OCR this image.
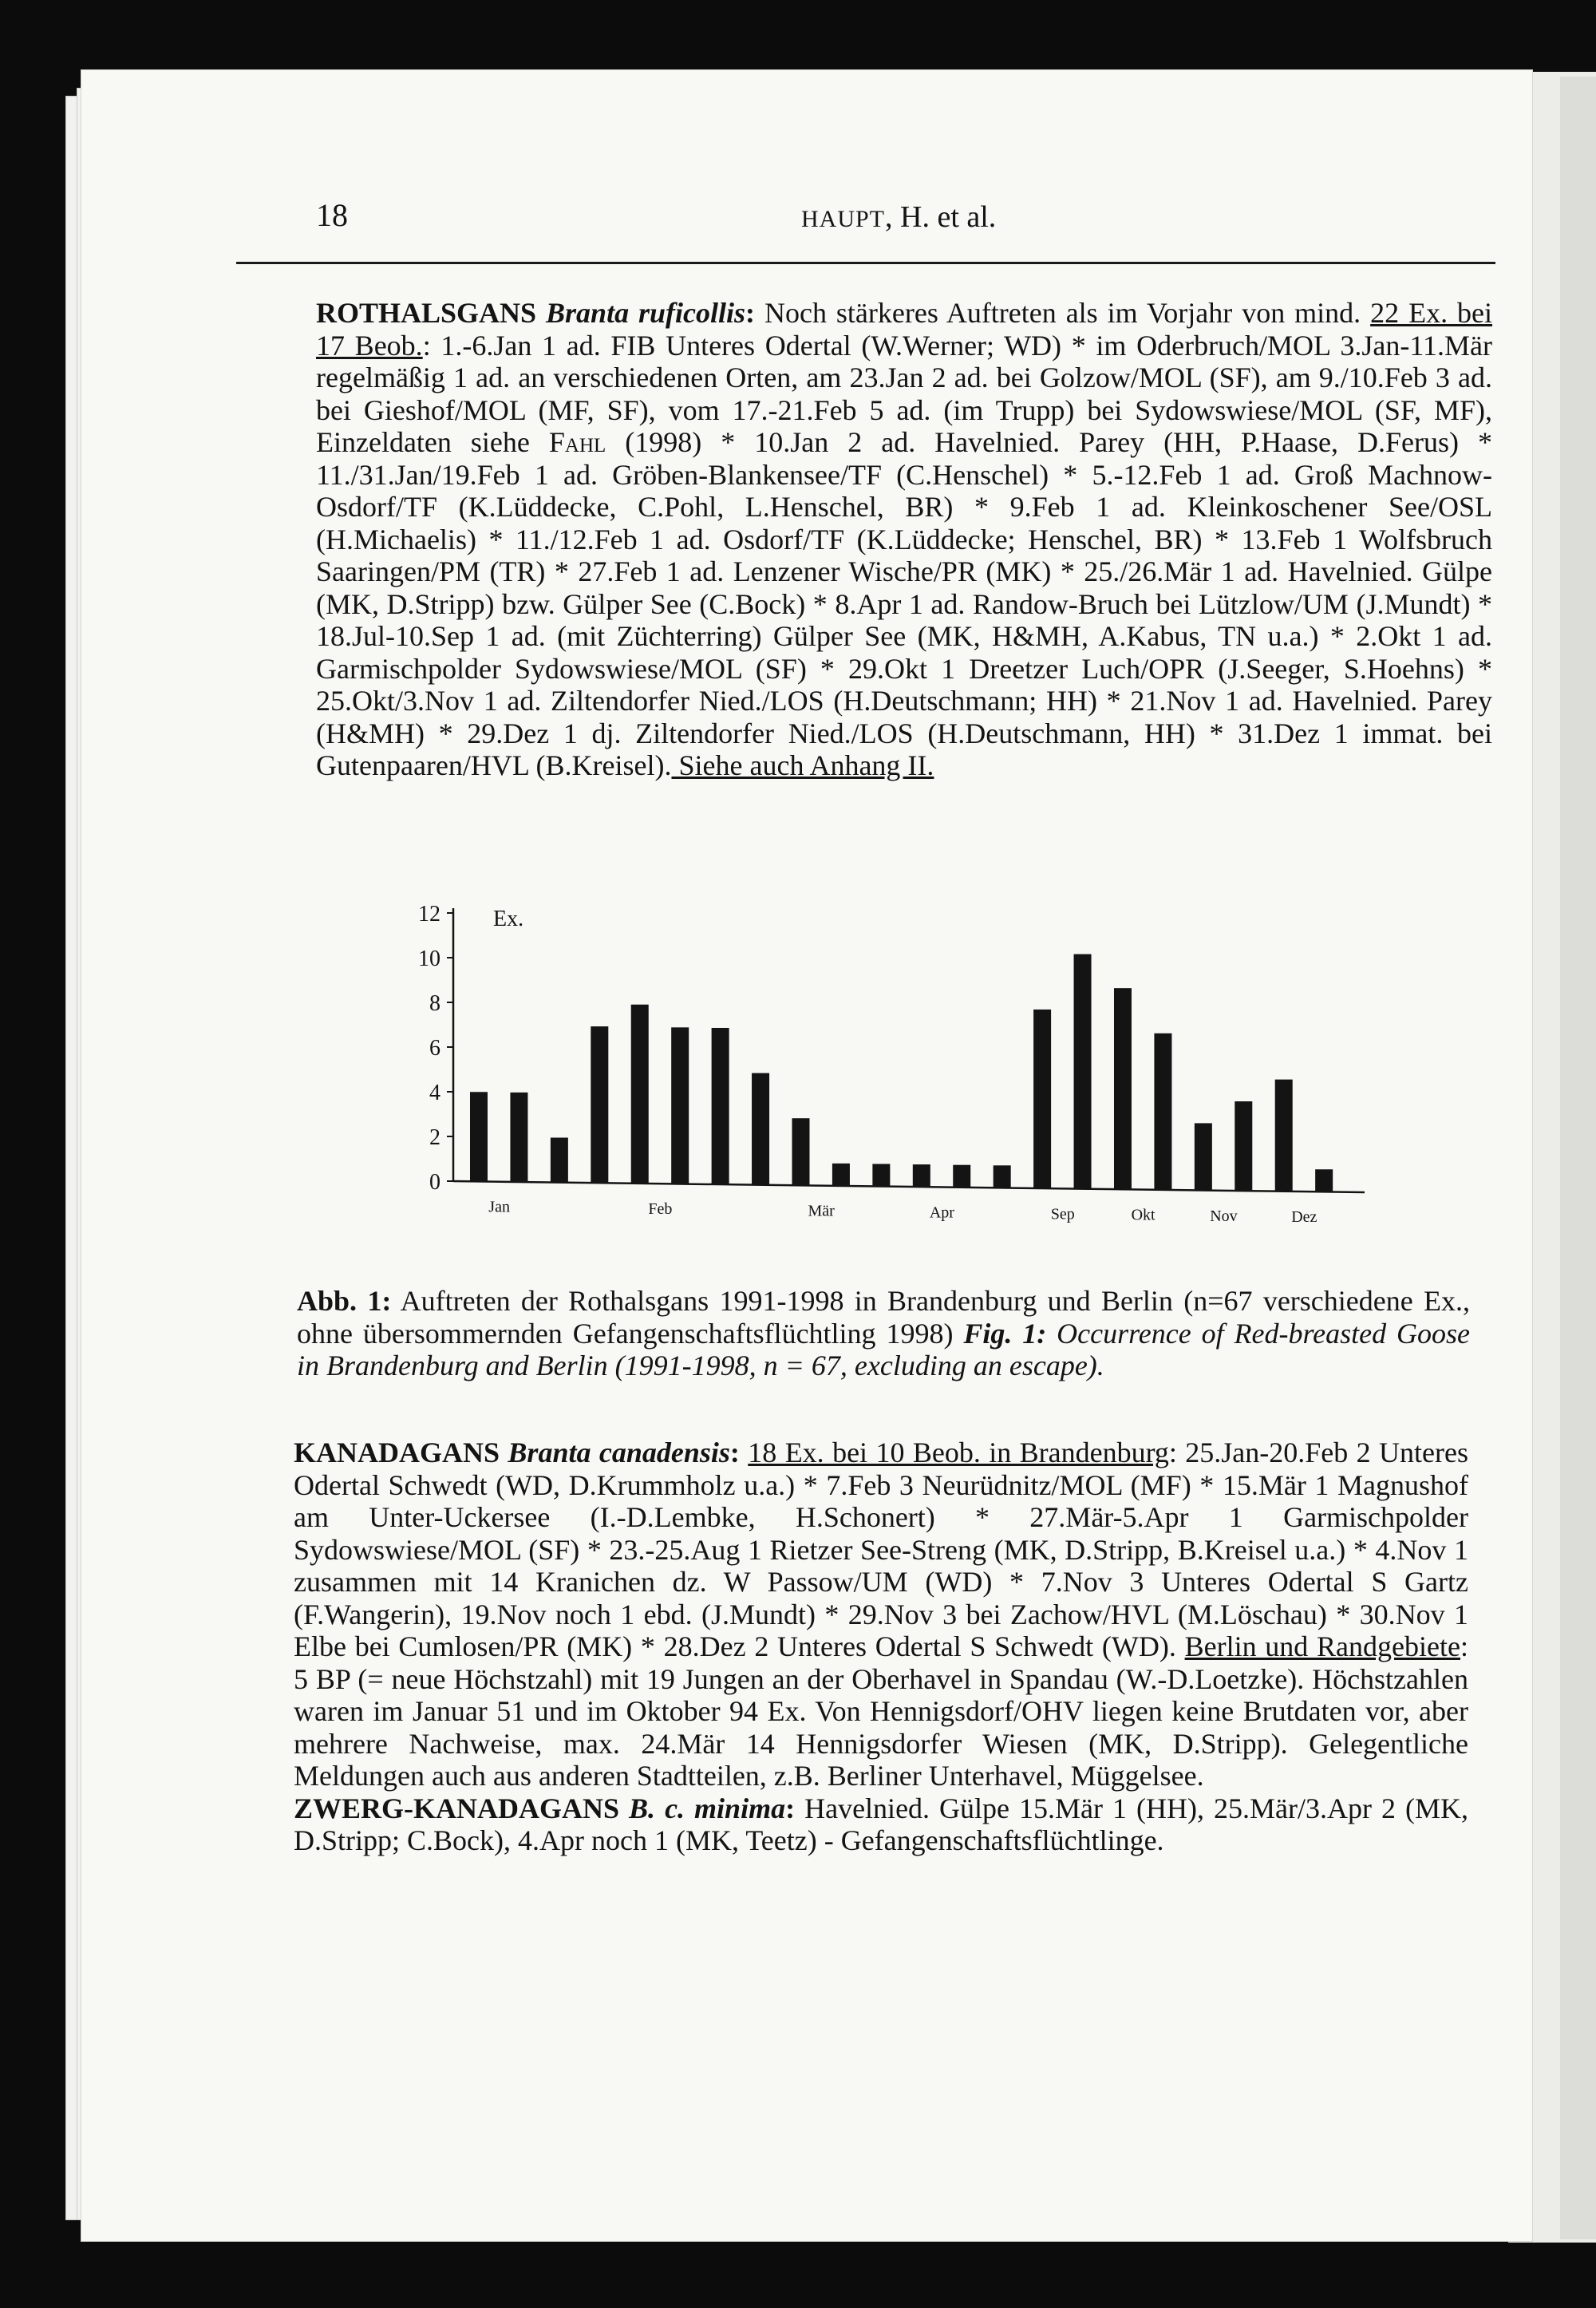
18	HAUPT, H. et al.

ROTHALSGANS Branta ruficollis: Noch stärkeres Auftreten als im Vorjahr von mind. 22 Ex. bei 17 Beob.: 1.-6.Jan 1 ad. FIB Unteres Odertal (W.Werner; WD) * im Oderbruch/MOL 3.Jan-11.Mär regelmäßig 1 ad. an verschiedenen Orten, am 23.Jan 2 ad. bei Golzow/MOL (SF), am 9./10.Feb 3 ad. bei Gieshof/MOL (MF, SF), vom 17.-21.Feb 5 ad. (im Trupp) bei Sydowswiese/MOL (SF, MF), Einzeldaten siehe Fahl (1998) * 10.Jan 2 ad. Havelnied. Parey (HH, P.Haase, D.Ferus) * 11./31.Jan/19.Feb 1 ad. Gröben-Blankensee/TF (C.Henschel) * 5.-12.Feb 1 ad. Groß Machnow-Osdorf/TF (K.Lüddecke, C.Pohl, L.Henschel, BR) * 9.Feb 1 ad. Kleinkoschener See/OSL (H.Michaelis) * 11./12.Feb 1 ad. Osdorf/TF (K.Lüddecke; Henschel, BR) * 13.Feb 1 Wolfsbruch Saaringen/PM (TR) * 27.Feb 1 ad. Lenzener Wische/PR (MK) * 25./26.Mär 1 ad. Havelnied. Gülpe (MK, D.Stripp) bzw. Gülper See (C.Bock) * 8.Apr 1 ad. Randow-Bruch bei Lützlow/UM (J.Mundt) * 18.Jul-10.Sep 1 ad. (mit Züchterring) Gülper See (MK, H&MH, A.Kabus, TN u.a.) * 2.Okt 1 ad. Garmischpolder Sydowswiese/MOL (SF) * 29.Okt 1 Dreetzer Luch/OPR (J.Seeger, S.Hoehns) * 25.Okt/3.Nov 1 ad. Ziltendorfer Nied./LOS (H.Deutschmann; HH) * 21.Nov 1 ad. Havelnied. Parey (H&MH) * 29.Dez 1 dj. Ziltendorfer Nied./LOS (H.Deutschmann, HH) * 31.Dez 1 immat. bei Gutenpaaren/HVL (B.Kreisel). Siehe auch Anhang II.

0
2
4
6
8
10
12 Ex.
Jan	Feb	Mär	Apr	Sep	Okt	Nov	Dez

Abb. 1: Auftreten der Rothalsgans 1991-1998 in Brandenburg und Berlin (n=67 verschiedene Ex., ohne übersommernden Gefangenschaftsflüchtling 1998) Fig. 1: Occurrence of Red-breasted Goose in Brandenburg and Berlin (1991-1998, n = 67, excluding an escape).

KANADAGANS Branta canadensis: 18 Ex. bei 10 Beob. in Brandenburg: 25.Jan-20.Feb 2 Unteres Odertal Schwedt (WD, D.Krummholz u.a.) * 7.Feb 3 Neurüdnitz/MOL (MF) * 15.Mär 1 Magnushof am Unter-Uckersee (I.-D.Lembke, H.Schonert) * 27.Mär-5.Apr 1 Garmischpolder Sydowswiese/MOL (SF) * 23.-25.Aug 1 Rietzer See-Streng (MK, D.Stripp, B.Kreisel u.a.) * 4.Nov 1 zusammen mit 14 Kranichen dz. W Passow/UM (WD) * 7.Nov 3 Unteres Odertal S Gartz (F.Wangerin), 19.Nov noch 1 ebd. (J.Mundt) * 29.Nov 3 bei Zachow/HVL (M.Löschau) * 30.Nov 1 Elbe bei Cumlosen/PR (MK) * 28.Dez 2 Unteres Odertal S Schwedt (WD). Berlin und Randgebiete: 5 BP (= neue Höchstzahl) mit 19 Jungen an der Oberhavel in Spandau (W.-D.Loetzke). Höchstzahlen waren im Januar 51 und im Oktober 94 Ex. Von Hennigsdorf/OHV liegen keine Brutdaten vor, aber mehrere Nachweise, max. 24.Mär 14 Hennigsdorfer Wiesen (MK, D.Stripp). Gelegentliche Meldungen auch aus anderen Stadtteilen, z.B. Berliner Unterhavel, Müggelsee.
ZWERG-KANADAGANS B. c. minima: Havelnied. Gülpe 15.Mär 1 (HH), 25.Mär/3.Apr 2 (MK, D.Stripp; C.Bock), 4.Apr noch 1 (MK, Teetz) - Gefangenschaftsflüchtlinge.
